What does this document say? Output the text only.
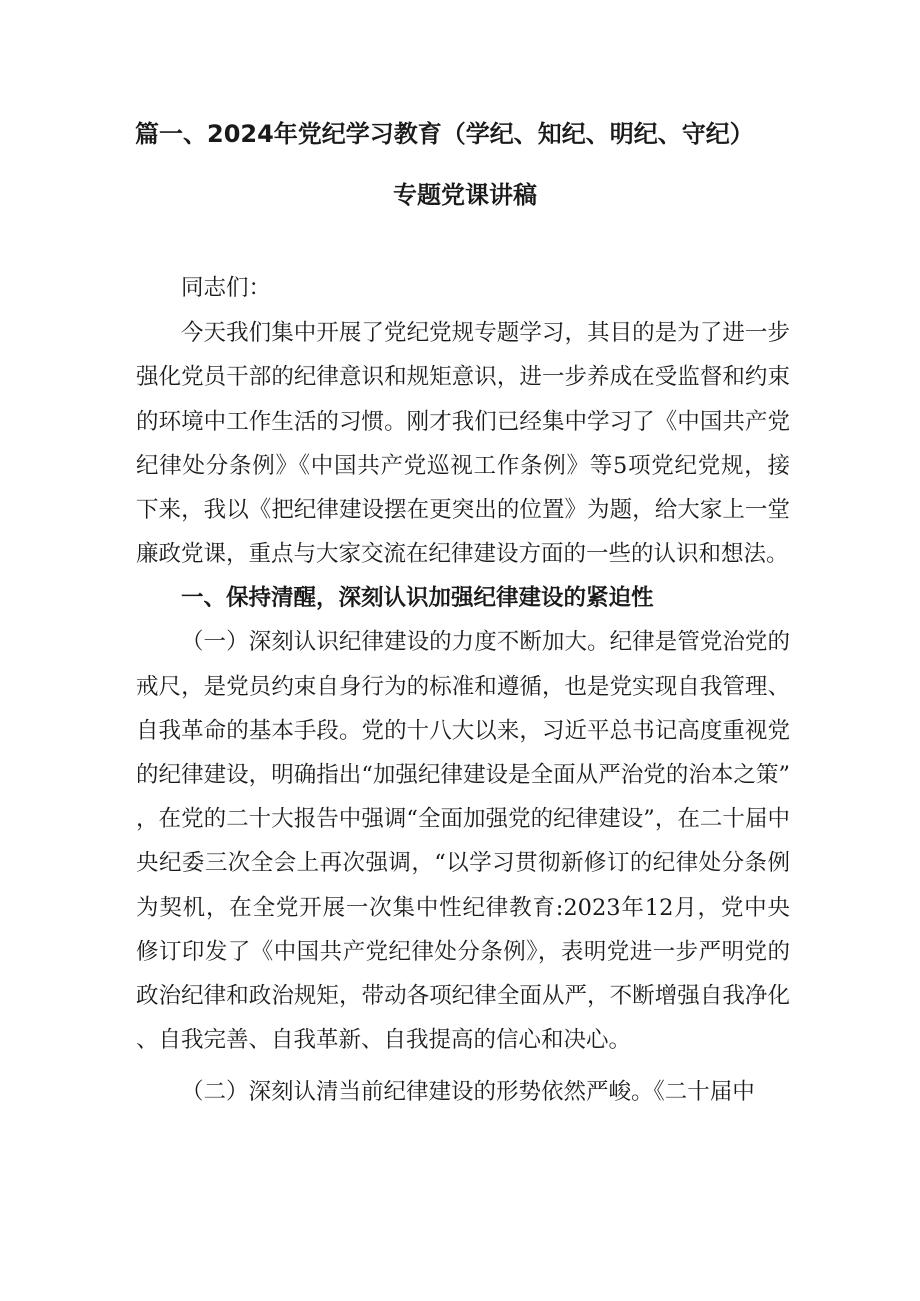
篇一、2024年党纪学习教育（学纪、知纪、明纪、守纪）
专题党课讲稿

同志们：

今天我们集中开展了党纪党规专题学习，其目的是为了进一步强化党员干部的纪律意识和规矩意识，进一步养成在受监督和约束的环境中工作生活的习惯。刚才我们已经集中学习了《中国共产党纪律处分条例》《中国共产党巡视工作条例》等5项党纪党规，接下来，我以《把纪律建设摆在更突出的位置》为题，给大家上一堂廉政党课，重点与大家交流在纪律建设方面的一些的认识和想法。

一、保持清醒，深刻认识加强纪律建设的紧迫性

（一）深刻认识纪律建设的力度不断加大。纪律是管党治党的戒尺，是党员约束自身行为的标准和遵循，也是党实现自我管理、自我革命的基本手段。党的十八大以来，习近平总书记高度重视党的纪律建设，明确指出“加强纪律建设是全面从严治党的治本之策”，在党的二十大报告中强调“全面加强党的纪律建设”，在二十届中央纪委三次全会上再次强调，“以学习贯彻新修订的纪律处分条例为契机，在全党开展一次集中性纪律教育:2023年12月，党中央修订印发了《中国共产党纪律处分条例》，表明党进一步严明党的政治纪律和政治规矩，带动各项纪律全面从严，不断增强自我净化、自我完善、自我革新、自我提高的信心和决心。

（二）深刻认清当前纪律建设的形势依然严峻。《二十届中
